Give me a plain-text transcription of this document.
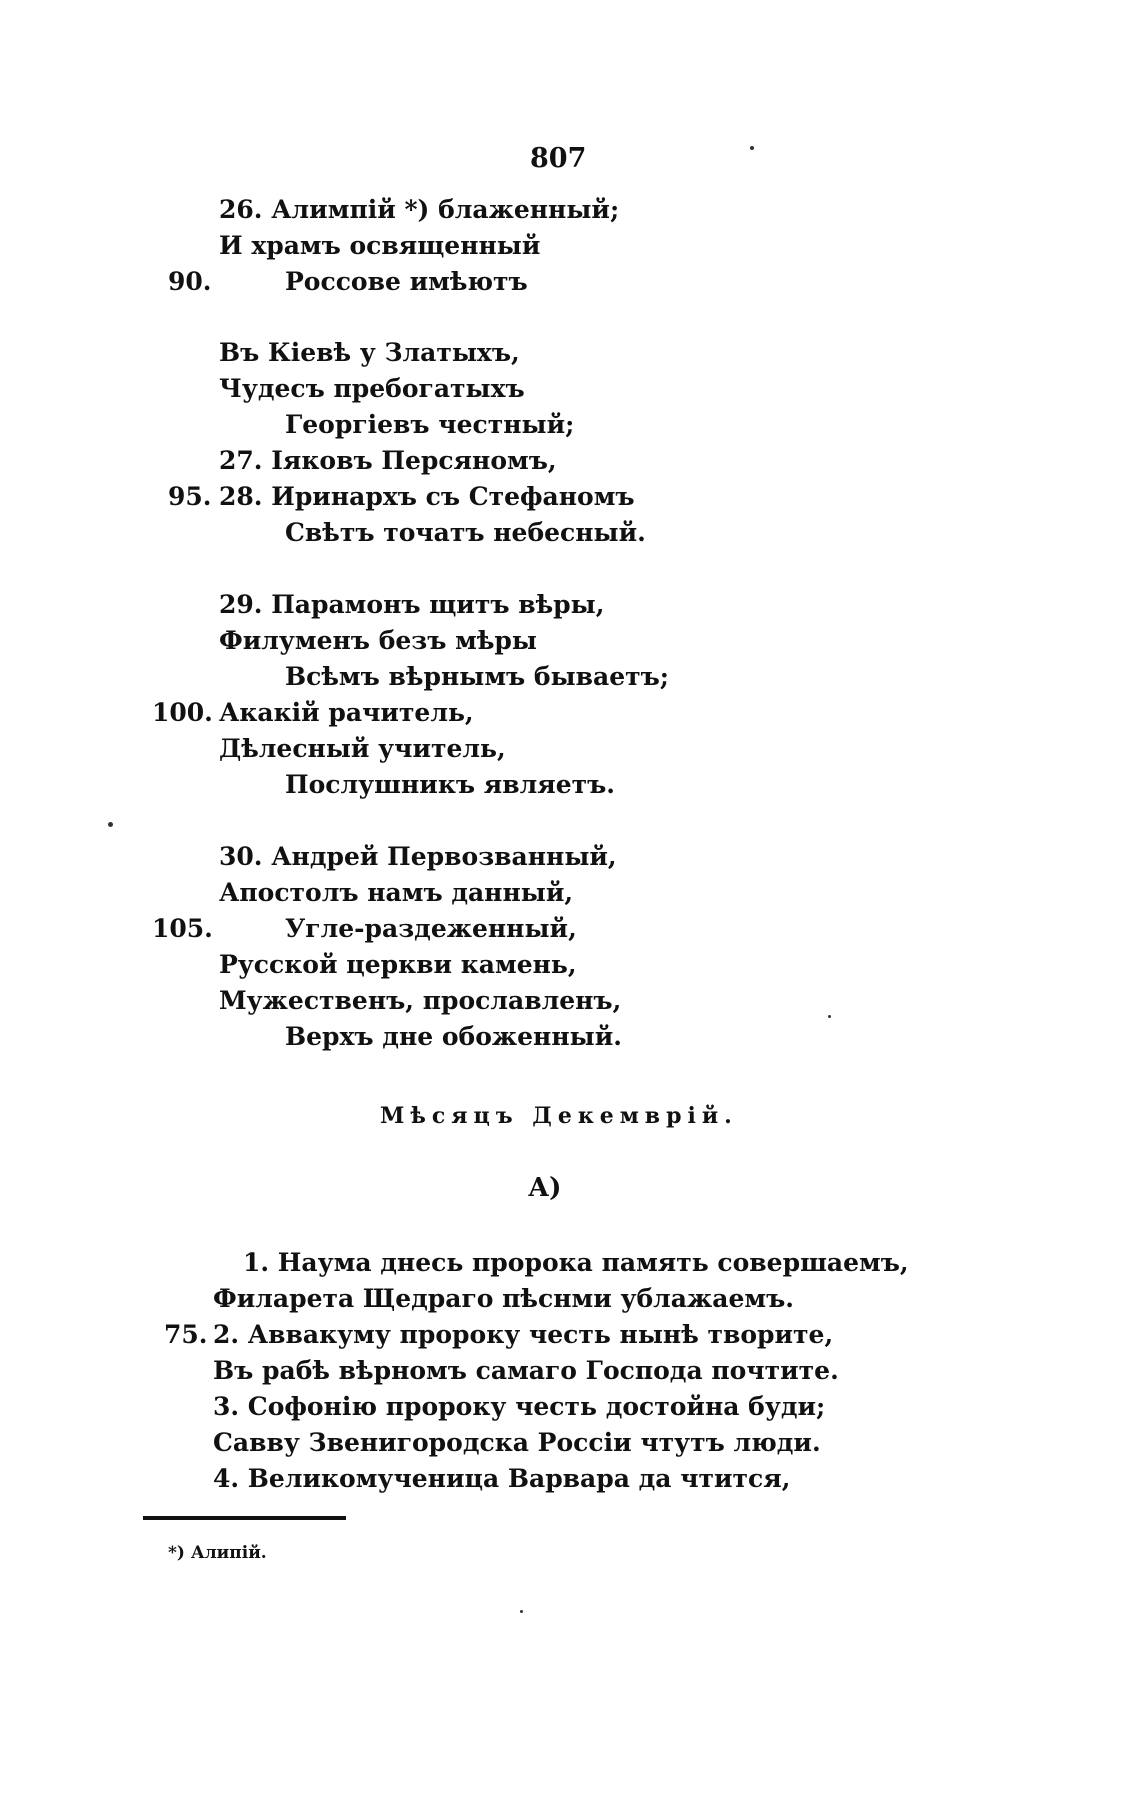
807
26. Алимпій *) блаженный;
И храмъ освященный
90.	Россове имѣютъ
Въ Кіевѣ у Златыхъ,
Чудесъ пребогатыхъ
Георгіевъ честный;
27. Іяковъ Персяномъ,
95. 28. Иринархъ съ Стефаномъ
Свѣтъ точатъ небесный.
29. Парамонъ щитъ вѣры,
Филуменъ безъ мѣры
Всѣмъ вѣрнымъ бываетъ;
100. Акакій рачитель,
Дѣлесный учитель,
Послушникъ являетъ.
30. Андрей Первозванный,
Апостолъ намъ данный,
105.	Угле-раздеженный,
Русской церкви камень,
Мужественъ, прославленъ,
Верхъ дне обоженный.
Мѣсяцъ Декемврій.
А)
1. Наума днесь пророка память совершаемъ,
Филарета Щедраго пѣснми ублажаемъ.
75. 2. Аввакуму пророку честь нынѣ творите,
Въ рабѣ вѣрномъ самаго Господа почтите.
3. Софонію пророку честь достойна буди;
Савву Звенигородска Россіи чтутъ люди.
4. Великомученица Варвара да чтится,
*) Алипій.
